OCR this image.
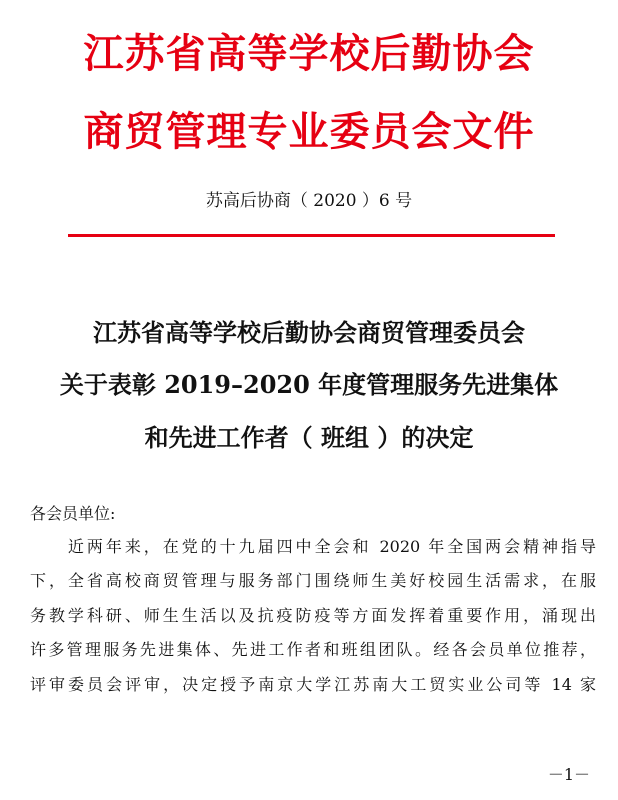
江苏省高等学校后勤协会
商贸管理专业委员会文件
苏高后协商（ 2020 ）6 号
江苏省高等学校后勤协会商贸管理委员会
关于表彰 2019–2020 年度管理服务先进集体
和先进工作者（ 班组 ）的决定
各会员单位:
　　近两年来，在党的十九届四中全会和 2020 年全国两会精神指导
下，全省高校商贸管理与服务部门围绕师生美好校园生活需求，在服
务教学科研、师生生活以及抗疫防疫等方面发挥着重要作用，涌现出
许多管理服务先进集体、先进工作者和班组团队。经各会员单位推荐，
评审委员会评审，决定授予南京大学江苏南大工贸实业公司等 14 家
－1－
